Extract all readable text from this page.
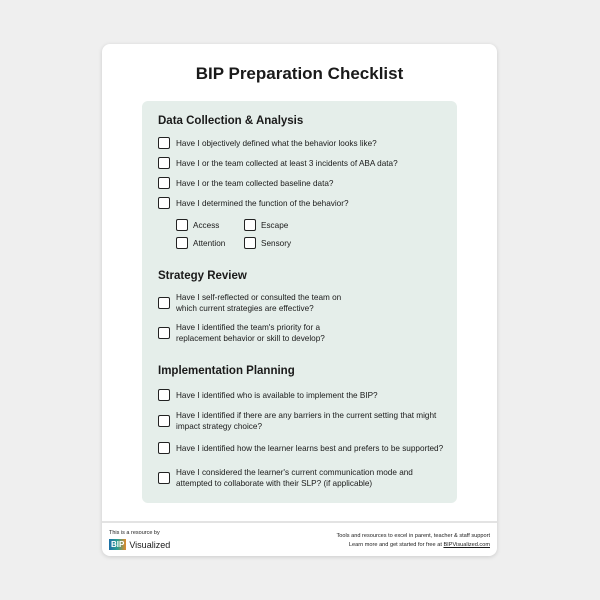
BIP Preparation Checklist
Data Collection & Analysis
Have I objectively defined what the behavior looks like?
Have I or the team collected at least 3 incidents of ABA data?
Have I or the team collected baseline data?
Have I determined the function of the behavior?
Access	Escape
Attention	Sensory
Strategy Review
Have I self-reflected or consulted the team on which current strategies are effective?
Have I identified the team's priority for a replacement behavior or skill to develop?
Implementation Planning
Have I identified who is available to implement the BIP?
Have I identified if there are any barriers in the current setting that might impact strategy choice?
Have I identified how the learner learns best and prefers to be supported?
Have I considered the learner's current communication mode and attempted to collaborate with their SLP? (if applicable)
This is a resource by
BIP Visualized
Tools and resources to excel in parent, teacher & staff support
Learn more and get started for free at BIPVisualized.com
